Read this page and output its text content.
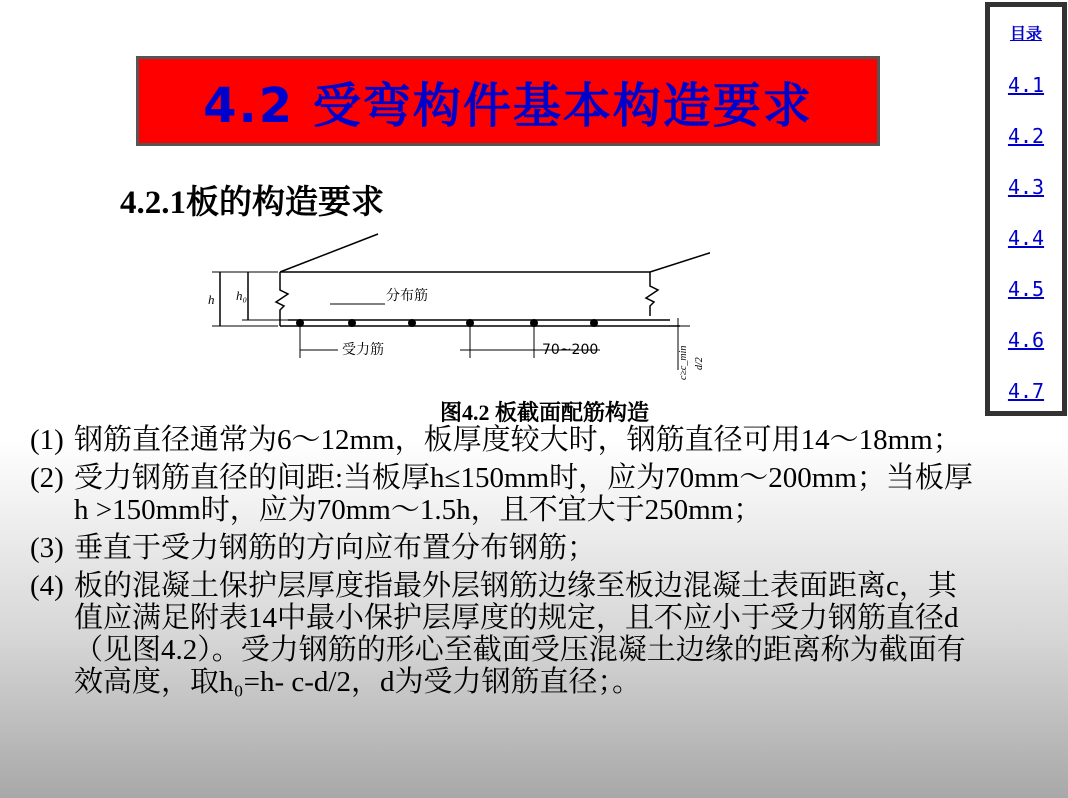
4.2 受弯构件基本构造要求
4.2.1板的构造要求
目录
4.1
4.2
4.3
4.4
4.5
4.6
4.7
h h₀	分布筋
受力筋	70~200	c≥c_min d/2
图4.2 板截面配筋构造
(1) 钢筋直径通常为6～12mm，板厚度较大时，钢筋直径可用14～18mm；
(2) 受力钢筋直径的间距:当板厚h≤150mm时，应为70mm～200mm；当板厚h >150mm时，应为70mm～1.5h，且不宜大于250mm；
(3) 垂直于受力钢筋的方向应布置分布钢筋；
(4) 板的混凝土保护层厚度指最外层钢筋边缘至板边混凝土表面距离c，其值应满足附表14中最小保护层厚度的规定，且不应小于受力钢筋直径d（见图4.2）。受力钢筋的形心至截面受压混凝土边缘的距离称为截面有效高度，取h₀=h- c-d/2，d为受力钢筋直径；。
